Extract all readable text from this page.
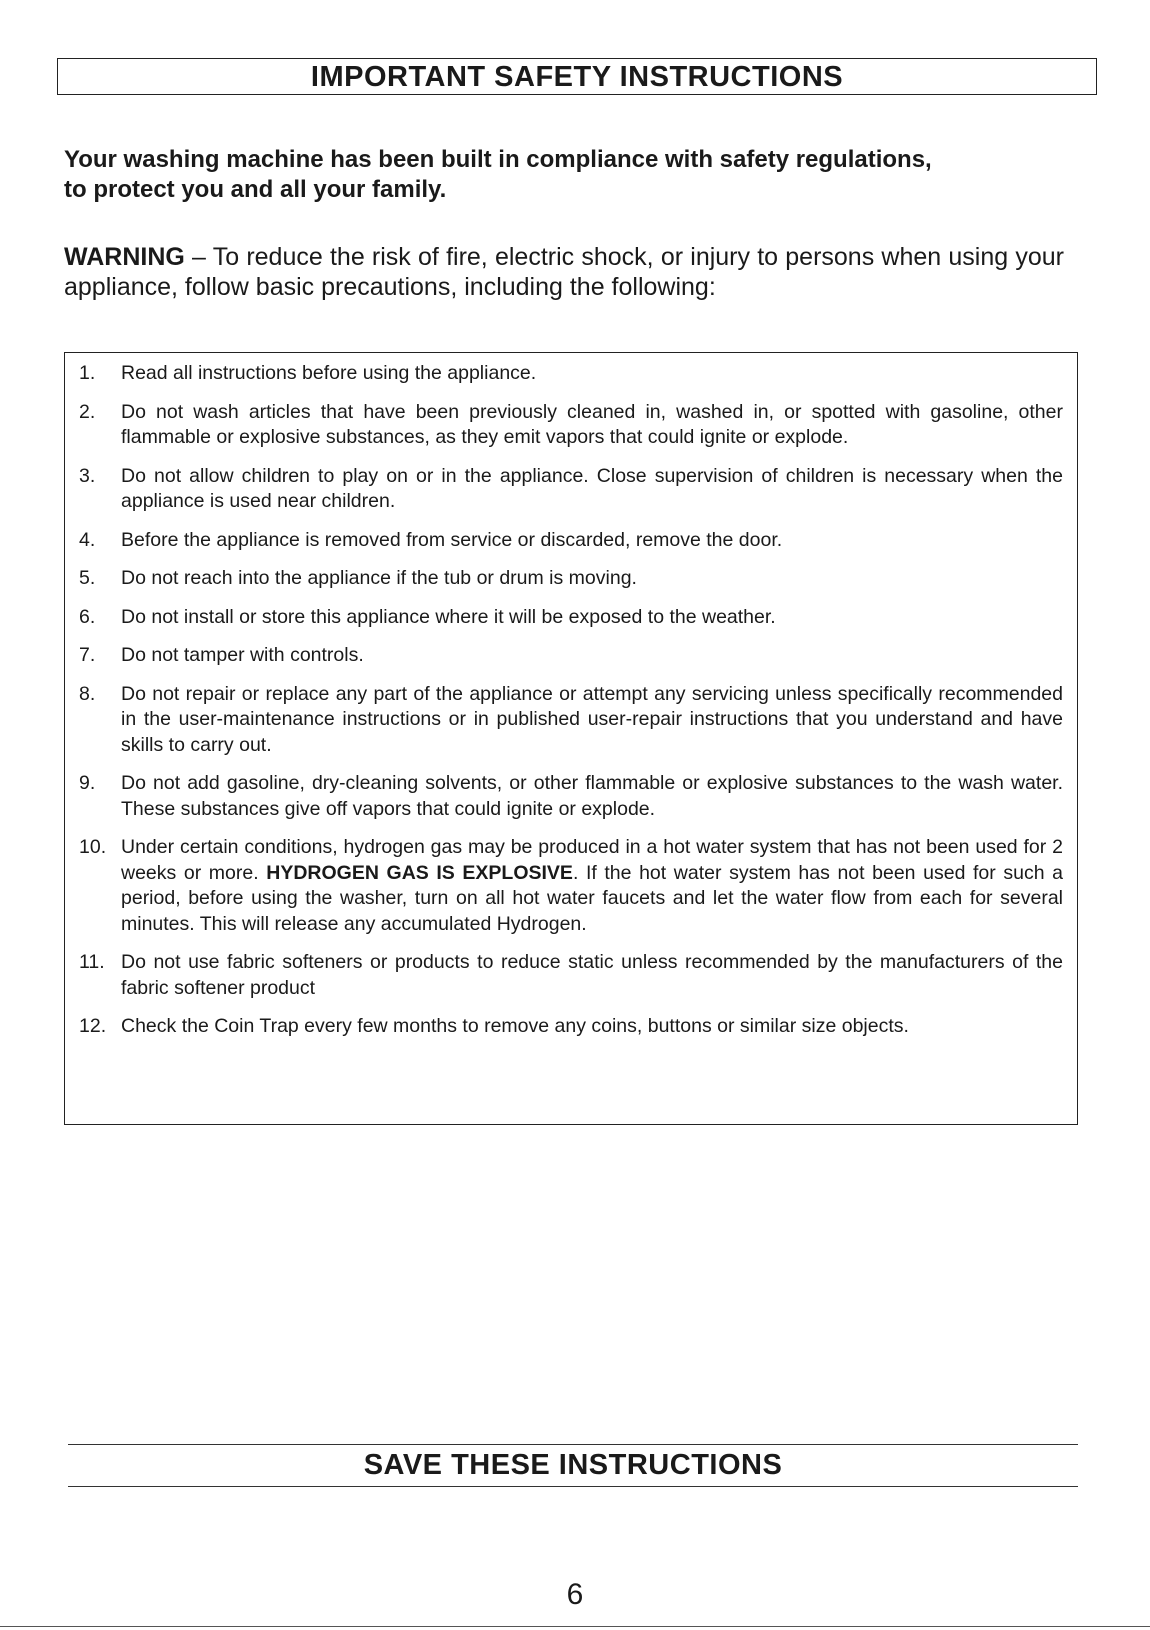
IMPORTANT SAFETY INSTRUCTIONS
Your washing machine has been built in compliance with safety regulations,
to protect you and all your family.
WARNING – To reduce the risk of fire, electric shock, or injury to persons when using your appliance, follow basic precautions, including the following:
1. Read all instructions before using the appliance.
2. Do not wash articles that have been previously cleaned in, washed in, or spotted with gasoline, other flammable or explosive substances, as they emit vapors that could ignite or explode.
3. Do not allow children to play on or in the appliance. Close supervision of children is necessary when the appliance is used near children.
4. Before the appliance is removed from service or discarded, remove the door.
5. Do not reach into the appliance if the tub or drum is moving.
6. Do not install or store this appliance where it will be exposed to the weather.
7. Do not tamper with controls.
8. Do not repair or replace any part of the appliance or attempt any servicing unless specifically recommended in the user-maintenance instructions or in published user-repair instructions that you understand and have skills to carry out.
9. Do not add gasoline, dry-cleaning solvents, or other flammable or explosive substances to the wash water. These substances give off vapors that could ignite or explode.
10. Under certain conditions, hydrogen gas may be produced in a hot water system that has not been used for 2 weeks or more. HYDROGEN GAS IS EXPLOSIVE. If the hot water system has not been used for such a period, before using the washer, turn on all hot water faucets and let the water flow from each for several minutes. This will release any accumulated Hydrogen.
11. Do not use fabric softeners or products to reduce static unless recommended by the manufacturers of the fabric softener product
12. Check the Coin Trap every few months to remove any coins, buttons or similar size objects.
SAVE THESE INSTRUCTIONS
6
